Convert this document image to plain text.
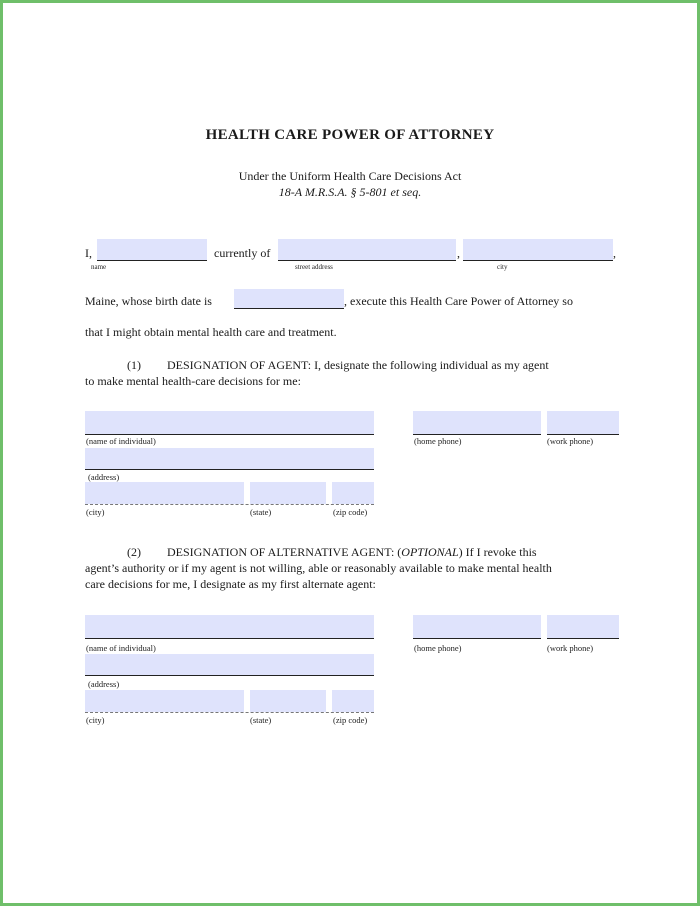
HEALTH CARE POWER OF ATTORNEY
Under the Uniform Health Care Decisions Act
18-A M.R.S.A. § 5-801 et seq.
I,
name
currently of
street address
,
city
,
Maine, whose birth date is	, execute this Health Care Power of Attorney so
that I might obtain mental health care and treatment.
(1) DESIGNATION OF AGENT: I, designate the following individual as my agent
to make mental health-care decisions for me:
(name of individual)	(home phone)	(work phone)
(address)
(city)	(state)	(zip code)
(2) DESIGNATION OF ALTERNATIVE AGENT: (OPTIONAL) If I revoke this
agent’s authority or if my agent is not willing, able or reasonably available to make mental health
care decisions for me, I designate as my first alternate agent:
(name of individual)	(home phone)	(work phone)
(address)
(city)	(state)	(zip code)
